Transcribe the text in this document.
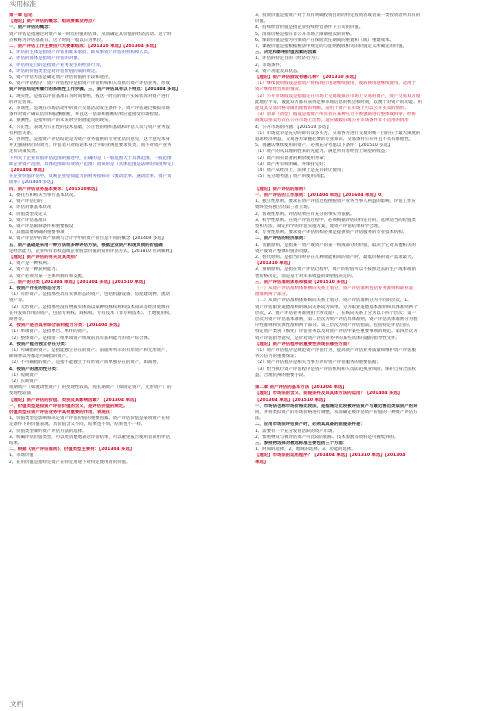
实用标准
第一章 总论
【理论】资产评估的概念、组成要素及特点？
一、资产评估的概念：
资产评估是指通过对资产某一时点价值的估算，从而确定其价值的经济活动。这个时
点被称为评估基准日。这个时间一般以日为单位。
二、资产评估工作主要由六大要素组成：【201310 单选】【201304 多选】
1、评估的主体是指资产评估由谁来承担，即从事资产评估的机构和人员。
2、评估的客体是指资产评估的对象。
3、评估特定目的是指资产业务发生的经济行为。
4、评估的价值类型是对评估价值的质的规定。
5、资产评估方法是确定资产评估价值的手段和途径。
6、资产评估程序：资产评估程序是指资产评估机构和人员执行资产评估业务、形成
资产评估结论所履行的系统性工作步骤。三、资产评估具有以下特点：【201404 多选】
1、现实性。是指以评估基准日为时间参照，按这一时点的资产实际状况对资产进行
的评定估算。
2、市场性。是现在市场活动中的资产交易活动发生条件下，资产评估通过模拟市场
条件对资产确认估价和报酬推断，并且这一估算和推断结果应能接受市场检验。
3、预测性。是指用资产的未来时空的潜能说明现实。
4、公正性。表现为公正性的技术基础，公正性的组织基础和评估人员与资产业务没
有利害关系。
5、咨询性。是指资产评估结论是为资产业务提供的专业化估价意见，这个意见本身
并无强制执行的效力，评估者只对结论本身合乎职业规范要求负责，而不对资产业务
定价决策负责。
下列关于企业价值评估范围的描述中，正确的是（一般范围大于具体范围、一般范围
即企业资产范围，具体范围即有效资产范围）错误的是（具体范围是法律的角度界定）
【201404 单选】
在企业价值评估中，反映企业偿债能力的财务指标有（流动比率、速动比率、资产负
债率）【201404 多选】
四、资产评估业务基本要求：【201510单选】
1、委托方和相关当事方基本状况。
2、资产评估目的
3、评估对象基本状况
4、价值类型及定义
5、资产评估基准日
6、资产评估限制条件和重要假设
7、其他需要明确的重要事项
8、资产评估中的资产预期与合计学中的资产价目是不同的概念【201404 多选】
五、资产基础是采用一种方法或多种评估方法，根据企业资产和现负债的价值确
定经营能力，企业所有者权益或企业股票价值的常用评估方式。【201810 名词解释】
【理论】资产评估的有关及其类别？
1、资产是一种权利；
2、资产是一种获利能力；
3、资产必须为某一主体所拥有和支配。
二、资产的分类【201304 单选】【201304 多选】【201510 单选】
1、按资产存在的形态分为：
（1）有形资产。是指那些具有实体形态的资产，包括机器设备、房屋建筑物、流动
资产等。
（2）无形资产。是指那些没有物质实体而以某种特殊权利和技术知识等经济资源存
在并发挥作用的资产。包括专利权、商标权、专有技术（非专利技术）、土地使用权、
商誉等。
2、按资产是否具有综合获利能力分类：【201404 多选】
（1）单项资产。是指单台、单件的资产。
（2）整体资产。是指由一组单项资产组成的具有获利能力的资产综合体。
3、按资产能否独立存在分类：
（1）可确指的资产。是指能独立存在的资产。前面所列示的有形资产和无形资产，
除商誉以外都是可确指的资产。
（2）不可确指的资产。是指不能独立于有形资产而单独存在的资产，如商誉。
4、按资产的流动性分类：
（1）短期资产
（2）长期资产
短期资产（如流动性资产）的变现性较高，而长期资产（如固定资产、无形资产）的
变现性较弱
【理论】资产评估的价值、类别及其影响因素？【201304 单选】
一、价值类型是指资产评估价值的含义，是评估价值的规定。
价值类型在资产评估业务中具有重要的作用，表现在：
1、价值类型是影响和决定资产评估价值的重要因素。资产评估价值是某项资产在特
定条件下的价值表现。具价值含义不同，结果也不同，结果也不一样。
2、价值类型制约资产评估方法的选择。
3、明确评估价值类型，可以更清楚地表达评估结果，可以避免报告使用者误用评估
结果。
二、根据《资产评估准则》，价值类型主要有：【201304 多选】
1、市场价值
2、在用价值是指特定资产在特定用途下对特定使用者的价值。
3、投资价值是指资产对于具有明确投资目的的特定投资者或者某一类投资者所具有的
价值。
4、持续经营价值是指企业持续经营条件下公司的价值。
5、清算价格是指在非公开市场上限制拍卖的价格。
6、保险价值是指为可保资产在保险责任期间的重置和（或）重建成本。
7、课税价值是指根据税法中规定的与征纳税收相关的价值定义所确定的价值。
三、决定和影响价值因素的因素
1、评估的特定目的（经济行为）；
2、市场条件；
3、资产功能及其状态。
【理论】资产评估假设有哪几种？【201310 多选】
（1）继续使用假设是指资产将按现行用途继续使用，或转换用途继续使用。适用于
资产继续经营用的情况。
（2）公开市场假设是指假定在市场上交易或拟在市场上交易的资产，资产交易双方彼
此地位平等，彼此双方都有获得足够市场信息的机会和时间，以便于对资产的功能、用
途及其交易价格等做出理智的判断。适用于资产在市场上可以公开买卖的情形。
（3）清算（清偿）假设是指资产所有者在某种压力下被强制进行整体或拆零，经协
商或以拍卖方式在公开市场上出售。适应破破旧或公开市场条件非不适用的情形
4、公开市场的内涵：【201510 多选】
（1）市场竞争是充分的即有众多买方，交易各方进行交易的唯一目的在于最大限度的
追求经济利益，交易各方掌握必要的专业知识、交易条件公开并且不具有排他性。
5、再融认继续使用的资产，必须充分考虑以下条件：【201510 多选】
（1）资产的从其理的胜来的先能力。满足所有者经营上期望的收益；
（2）资产尚有显著的剩余使用寿命；
（3）资产所有权明确，并保持完好；
（4）资产从经济上，法律上是充许转让使用；
（5）充分地考虑了资产的使用功能。

【理论】资产评估的原则？
一、资产评估的工作原则：【201404 单选】【201604 单选】0、
1、独立性原则。要求在资产评估过程摆脱资产业务当事人利益的影响，评估工作应
始终坚持独立的第三者立场。
2、客观性原则。评估结果应有充分的事实为依据。
3、科学性原则。在资产评估过程中，必须根据评估的特定目的，选择适当的价值类
型和方法，制定科学的评估实施方案，使资产评估结果科学合理。
4、专业性原则。要求资产评估机构必须是提供资产评估服务的专业技术机构。
二、资产评估的经济原则：
1、贡献原则。是指某一资产或资产的某一构成部分的价值，取决于它对其他相关的
资产或资产整体价值的贡献。
2、替代原则。是指当同时存在几种效能相同的资产时，最低价格的资产需求最大。
【201310 单选】
3、预期原则。是指在资产评估过程中，资产的价值可以不按照过去的生产成本或销
售价格决定，而是基于对未来收益的期望值决定的。
三、资产评估准则体系和框架【201510 多选】
（一）从资产评估准则体系横向关系上划分，资产评估准则包括业务准则和职业道
德准则两个部分。
（二）从资产评估准则体系纵向关系上划分，资产评估准则分为不同的层次，1、
资产评估职业道德准则的纵向关系较为简单，分为职业道德基本准则和具体准则两个
层次。2、资产评估业务准则由于涉及面广，在纵向关系上分为以下四个层次：第一
层次为资产评估基本准则，第二层次为资产评估具体准则，资产评估具体准则分为程
序性准则和实体性准则两个部分。第三层次为资产评估指南。包括特定评估目的、
特定资产类别（细化）评估业务以及对资产评估中某些重要事项的规范。第四层次为
资产评估指导意见，是针对资产评估业务中的某些具体问题的指导性文件。
【理论】资产评估程序的重要性表现在哪些方面？
（1）资产评估程序是规范资产评估行为，提高资产评估业务质量和维护资产评估服
务公信力的重要保证；
（2）资产评估程序是相关当事方评价资产评估服务的重要依据；
（3）恰当执行资产评估程序是资产评估机构和人员防范执业风险、保护自身合法权
益、合理抗辩的重要手段。

第二章 资产评估的基本方法【201304 单选】
【理论】市场法的含义、前提条件及其具体方法的运用？【201404 多选】
【201304 单选】【201510 单选】
一、市场法也称市场价格比较法，是指通过比较被评估资产与最近售出类似资产的异
同，并将类似资产的市场价格进行调整，从而确定被评估资产价值的一种资产评估方
法。
二、应用市场法评估资产时，必须具具备的前提条件是：
1、需要有一个充分发育活跃的资产市场。
2、参照物及与被评估资产可比较的指标、技术参数等资料是可搜集到的。
三、参照物选择对被选标准主要包括三个方面：
1、时间的选择，2、地域的选择，3、功能的选择。
【理论】市场法的运用程序？【201404 单选】【201310 单选】【201304
单选】
文档
